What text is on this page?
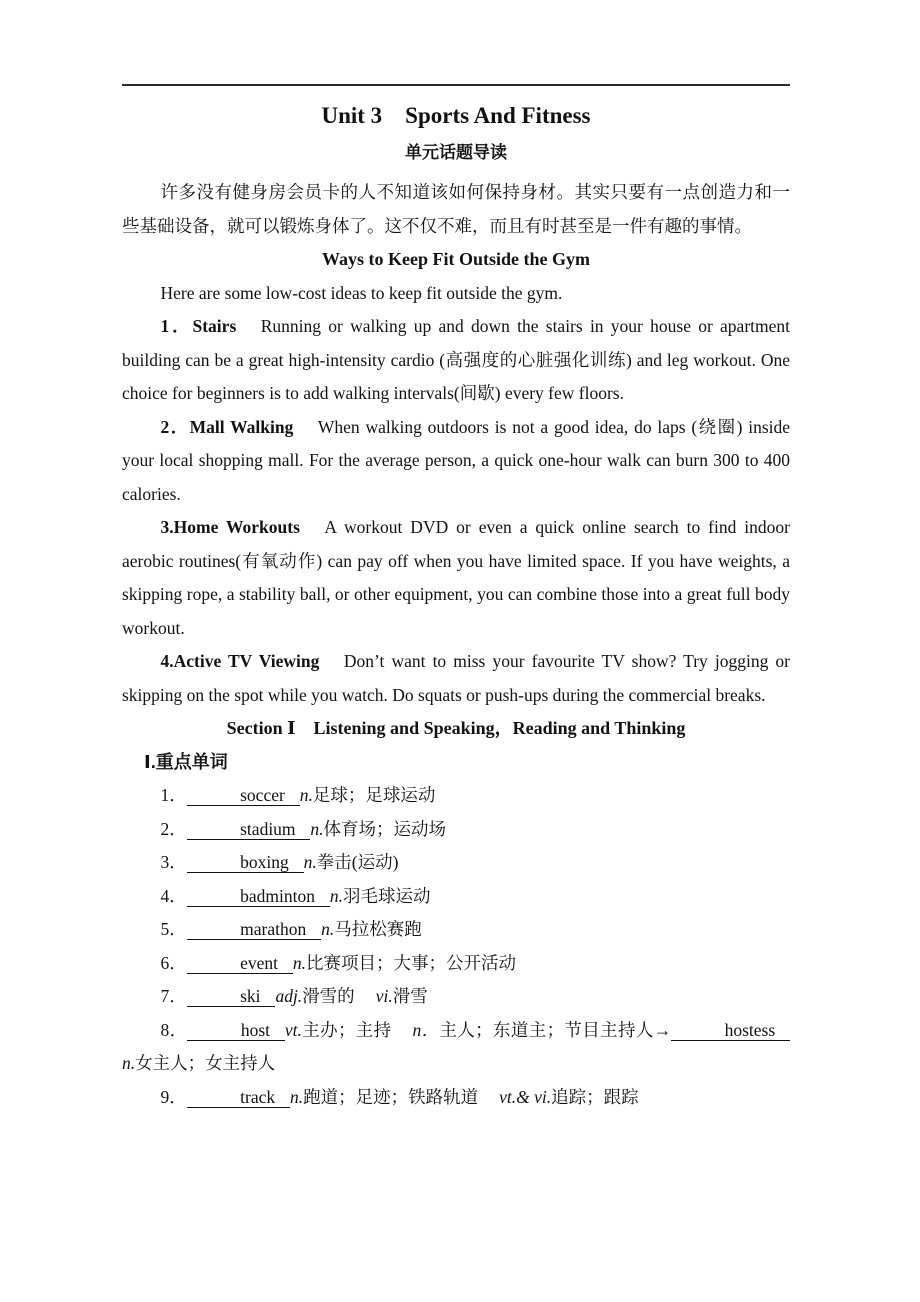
Unit 3　Sports And Fitness
单元话题导读

许多没有健身房会员卡的人不知道该如何保持身材。其实只要有一点创造力和一些基础设备，就可以锻炼身体了。这不仅不难，而且有时甚至是一件有趣的事情。

Ways to Keep Fit Outside the Gym

Here are some low-cost ideas to keep fit outside the gym.

1．Stairs Running or walking up and down the stairs in your house or apartment building can be a great high-intensity cardio (高强度的心脏强化训练) and leg workout. One choice for beginners is to add walking intervals(间歇) every few floors.

2．Mall Walking When walking outdoors is not a good idea, do laps (绕圈) inside your local shopping mall. For the average person, a quick one-hour walk can burn 300 to 400 calories.

3.Home Workouts A workout DVD or even a quick online search to find indoor aerobic routines(有氧动作) can pay off when you have limited space. If you have weights, a skipping rope, a stability ball, or other equipment, you can combine those into a great full body workout.

4.Active TV Viewing Don’t want to miss your favourite TV show? Try jogging or skipping on the spot while you watch. Do squats or push-ups during the commercial breaks.

Section Ⅰ　Listening and Speaking，Reading and Thinking

Ⅰ.重点单词

1．	soccer n.足球；足球运动

2．	stadium n.体育场；运动场

3．	boxing n.拳击(运动)

4．	badminton n.羽毛球运动

5．	marathon n.马拉松赛跑

6．	event n.比赛项目；大事；公开活动

7．	ski adj.滑雪的 vi.滑雪

8．	host vt.主办；主持 n．主人；东道主；节目主持人→	hostessn.女主人；女主持人

9．	track n.跑道；足迹；铁路轨道 vt.& vi.追踪；跟踪
